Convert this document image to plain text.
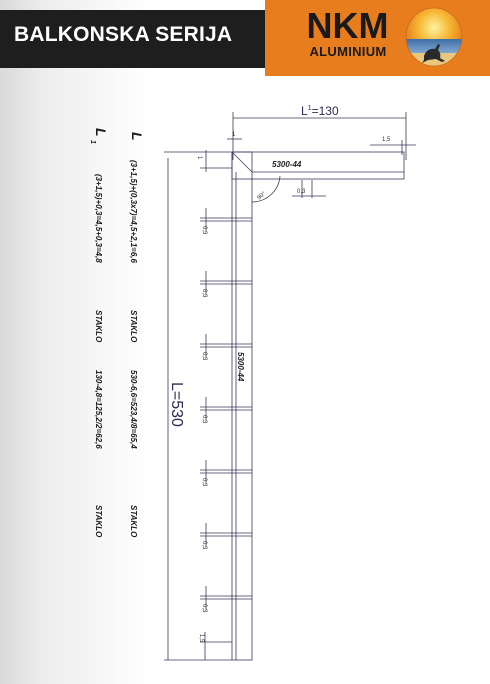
BALKONSKA SERIJA NKM
ALUMINIUM
$L^1=130$
1
1,5
5300-44
0,3
90°
5300-44
L=530
1
1,5
0,3
0,3
0,3
0,3
0,3
0,3
0,3
L
(3+1,5)+(0,3x7)=4,5+2,1=6,6
STAKLO
530-6,6=523,4/8=65,4
STAKLO
L
1
(3+1,5)+0,3=4,5+0,3=4,8
STAKLO
130-4,8=125,2/2=62,6
STAKLO
